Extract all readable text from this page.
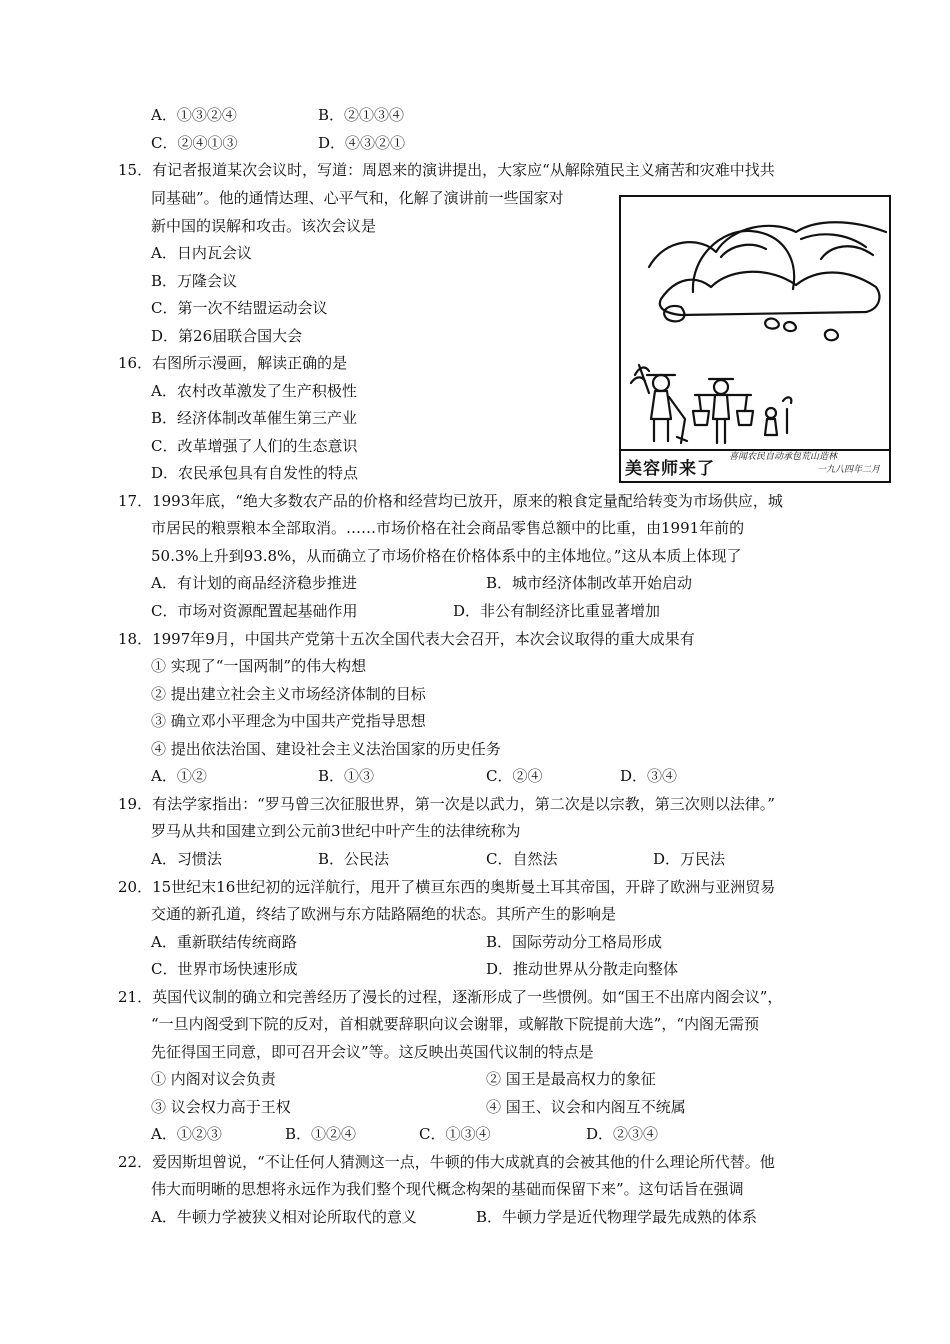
A．①③②④	B．②①③④
C．②④①③	D．④③②①
15．有记者报道某次会议时，写道：周恩来的演讲提出，大家应“从解除殖民主义痛苦和灾难中找共
同基础”。他的通情达理、心平气和，化解了演讲前一些国家对
新中国的误解和攻击。该次会议是
A．日内瓦会议
B．万隆会议
C．第一次不结盟运动会议
D．第26届联合国大会
16．右图所示漫画，解读正确的是
A．农村改革激发了生产积极性
B．经济体制改革催生第三产业
C．改革增强了人们的生态意识
D．农民承包具有自发性的特点	美容师来了
喜闻农民自动承包荒山造林
一九八四年二月
17．1993年底，“绝大多数农产品的价格和经营均已放开，原来的粮食定量配给转变为市场供应，城
市居民的粮票粮本全部取消。……市场价格在社会商品零售总额中的比重，由1991年前的
50.3%上升到93.8%，从而确立了市场价格在价格体系中的主体地位。”这从本质上体现了
A．有计划的商品经济稳步推进	B．城市经济体制改革开始启动
C．市场对资源配置起基础作用	D．非公有制经济比重显著增加
18．1997年9月，中国共产党第十五次全国代表大会召开，本次会议取得的重大成果有
① 实现了“一国两制”的伟大构想
② 提出建立社会主义市场经济体制的目标
③ 确立邓小平理念为中国共产党指导思想
④ 提出依法治国、建设社会主义法治国家的历史任务
A．①②	B．①③	C．②④	D．③④
19．有法学家指出：“罗马曾三次征服世界，第一次是以武力，第二次是以宗教，第三次则以法律。”
罗马从共和国建立到公元前3世纪中叶产生的法律统称为
A．习惯法	B．公民法	C．自然法	D．万民法
20．15世纪末16世纪初的远洋航行，甩开了横亘东西的奥斯曼土耳其帝国，开辟了欧洲与亚洲贸易
交通的新孔道，终结了欧洲与东方陆路隔绝的状态。其所产生的影响是
A．重新联结传统商路	B．国际劳动分工格局形成
C．世界市场快速形成	D．推动世界从分散走向整体
21．英国代议制的确立和完善经历了漫长的过程，逐渐形成了一些惯例。如“国王不出席内阁会议”，
“一旦内阁受到下院的反对，首相就要辞职向议会谢罪，或解散下院提前大选”，“内阁无需预
先征得国王同意，即可召开会议”等。这反映出英国代议制的特点是
① 内阁对议会负责	② 国王是最高权力的象征
③ 议会权力高于王权	④ 国王、议会和内阁互不统属
A．①②③	B．①②④	C．①③④	D．②③④
22．爱因斯坦曾说，“不让任何人猜测这一点，牛顿的伟大成就真的会被其他的什么理论所代替。他
伟大而明晰的思想将永远作为我们整个现代概念构架的基础而保留下来”。这句话旨在强调
A．牛顿力学被狭义相对论所取代的意义	B．牛顿力学是近代物理学最先成熟的体系
